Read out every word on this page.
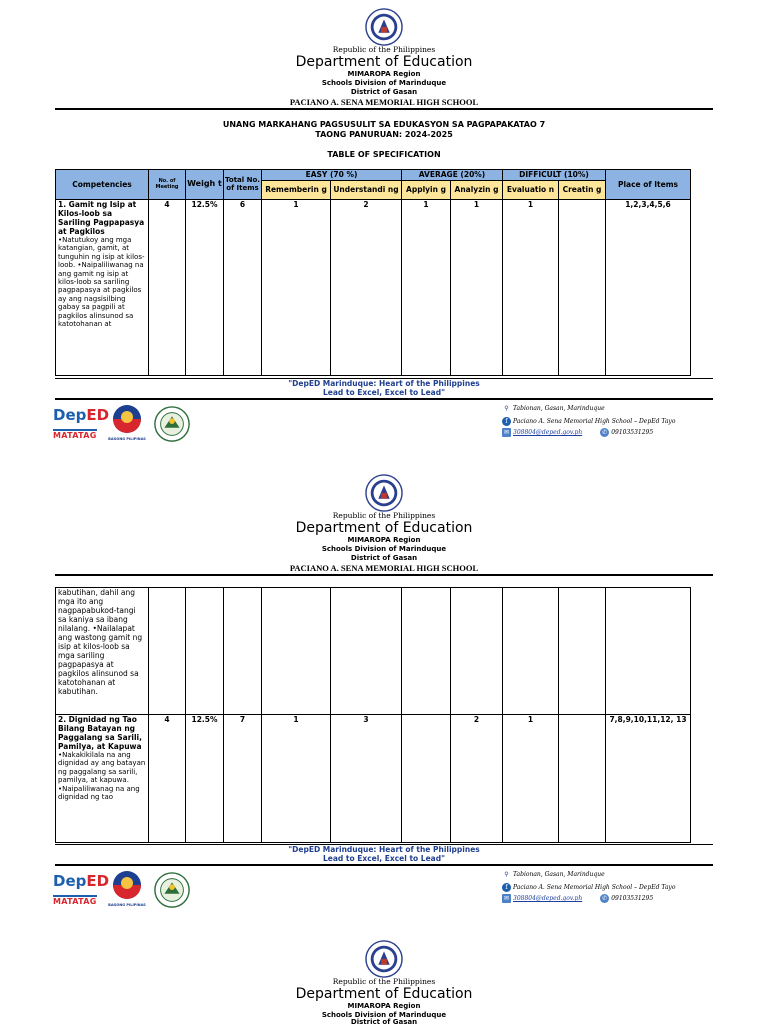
Republic of the Philippines
Department of Education
MIMAROPA Region
Schools Division of Marinduque
District of Gasan
PACIANO A. SENA MEMORIAL HIGH SCHOOL
UNANG MARKAHANG PAGSUSULIT SA EDUKASYON SA PAGPAPAKATAO 7
TAONG PANURUAN: 2024-2025
TABLE OF SPECIFICATION
Competencies	No. of Meeting	Weigh t	Total No. of Items	EASY (70 %)		AVERAGE (20%)		DIFFICULT (10%)		Place of Items
				Rememberin g	Understandi ng	Applyin g	Analyzin g	Evaluatio n	Creatin g	

1. Gamit ng Isip at Kilos-loob sa Sariling Pagpapasya at Pagkilos
•Natutukoy ang mga katangian, gamit, at tunguhin ng isip at kilos-loob. •Naipaliliwanag na ang gamit ng isip at kilos-loob sa sariling pagpapasya at pagkilos ay ang nagsisilbing gabay sa pagpili at pagkilos alinsunod sa katotohanan at	4	12.5%	6	1	2	1	1	1		1,2,3,4,5,6
"DepED Marinduque: Heart of the Philippines
Lead to Excel, Excel to Lead"
DepED
MATATAG	BAGONG PILIPINAS
⚲ Tabionan, Gasan, Marinduque
f Paciano A. Sena Memorial High School – DepEd Tayo
✉ 308804@deped.gov.ph	✆ 09103531295
Republic of the Philippines
Department of Education
MIMAROPA Region
Schools Division of Marinduque
District of Gasan
PACIANO A. SENA MEMORIAL HIGH SCHOOL
kabutihan, dahil ang mga ito ang nagpapabukod-tangi sa kaniya sa ibang nilalang. •Nailalapat ang wastong gamit ng isip at kilos-loob sa mga sariling pagpapasya at pagkilos alinsunod sa katotohanan at kabutihan.										

2. Dignidad ng Tao Bilang Batayan ng Paggalang sa Sarili, Pamilya, at Kapuwa
•Nakakikilala na ang dignidad ay ang batayan ng paggalang sa sarili, pamilya, at kapuwa. •Naipaliliwanag na ang dignidad ng tao	4	12.5%	7	1	3		2	1		7,8,9,10,11,12, 13
"DepED Marinduque: Heart of the Philippines
Lead to Excel, Excel to Lead"
DepED
MATATAG	BAGONG PILIPINAS
⚲ Tabionan, Gasan, Marinduque
f Paciano A. Sena Memorial High School – DepEd Tayo
✉ 308804@deped.gov.ph	✆ 09103531295
Republic of the Philippines
Department of Education
MIMAROPA Region
Schools Division of Marinduque
District of Gasan
